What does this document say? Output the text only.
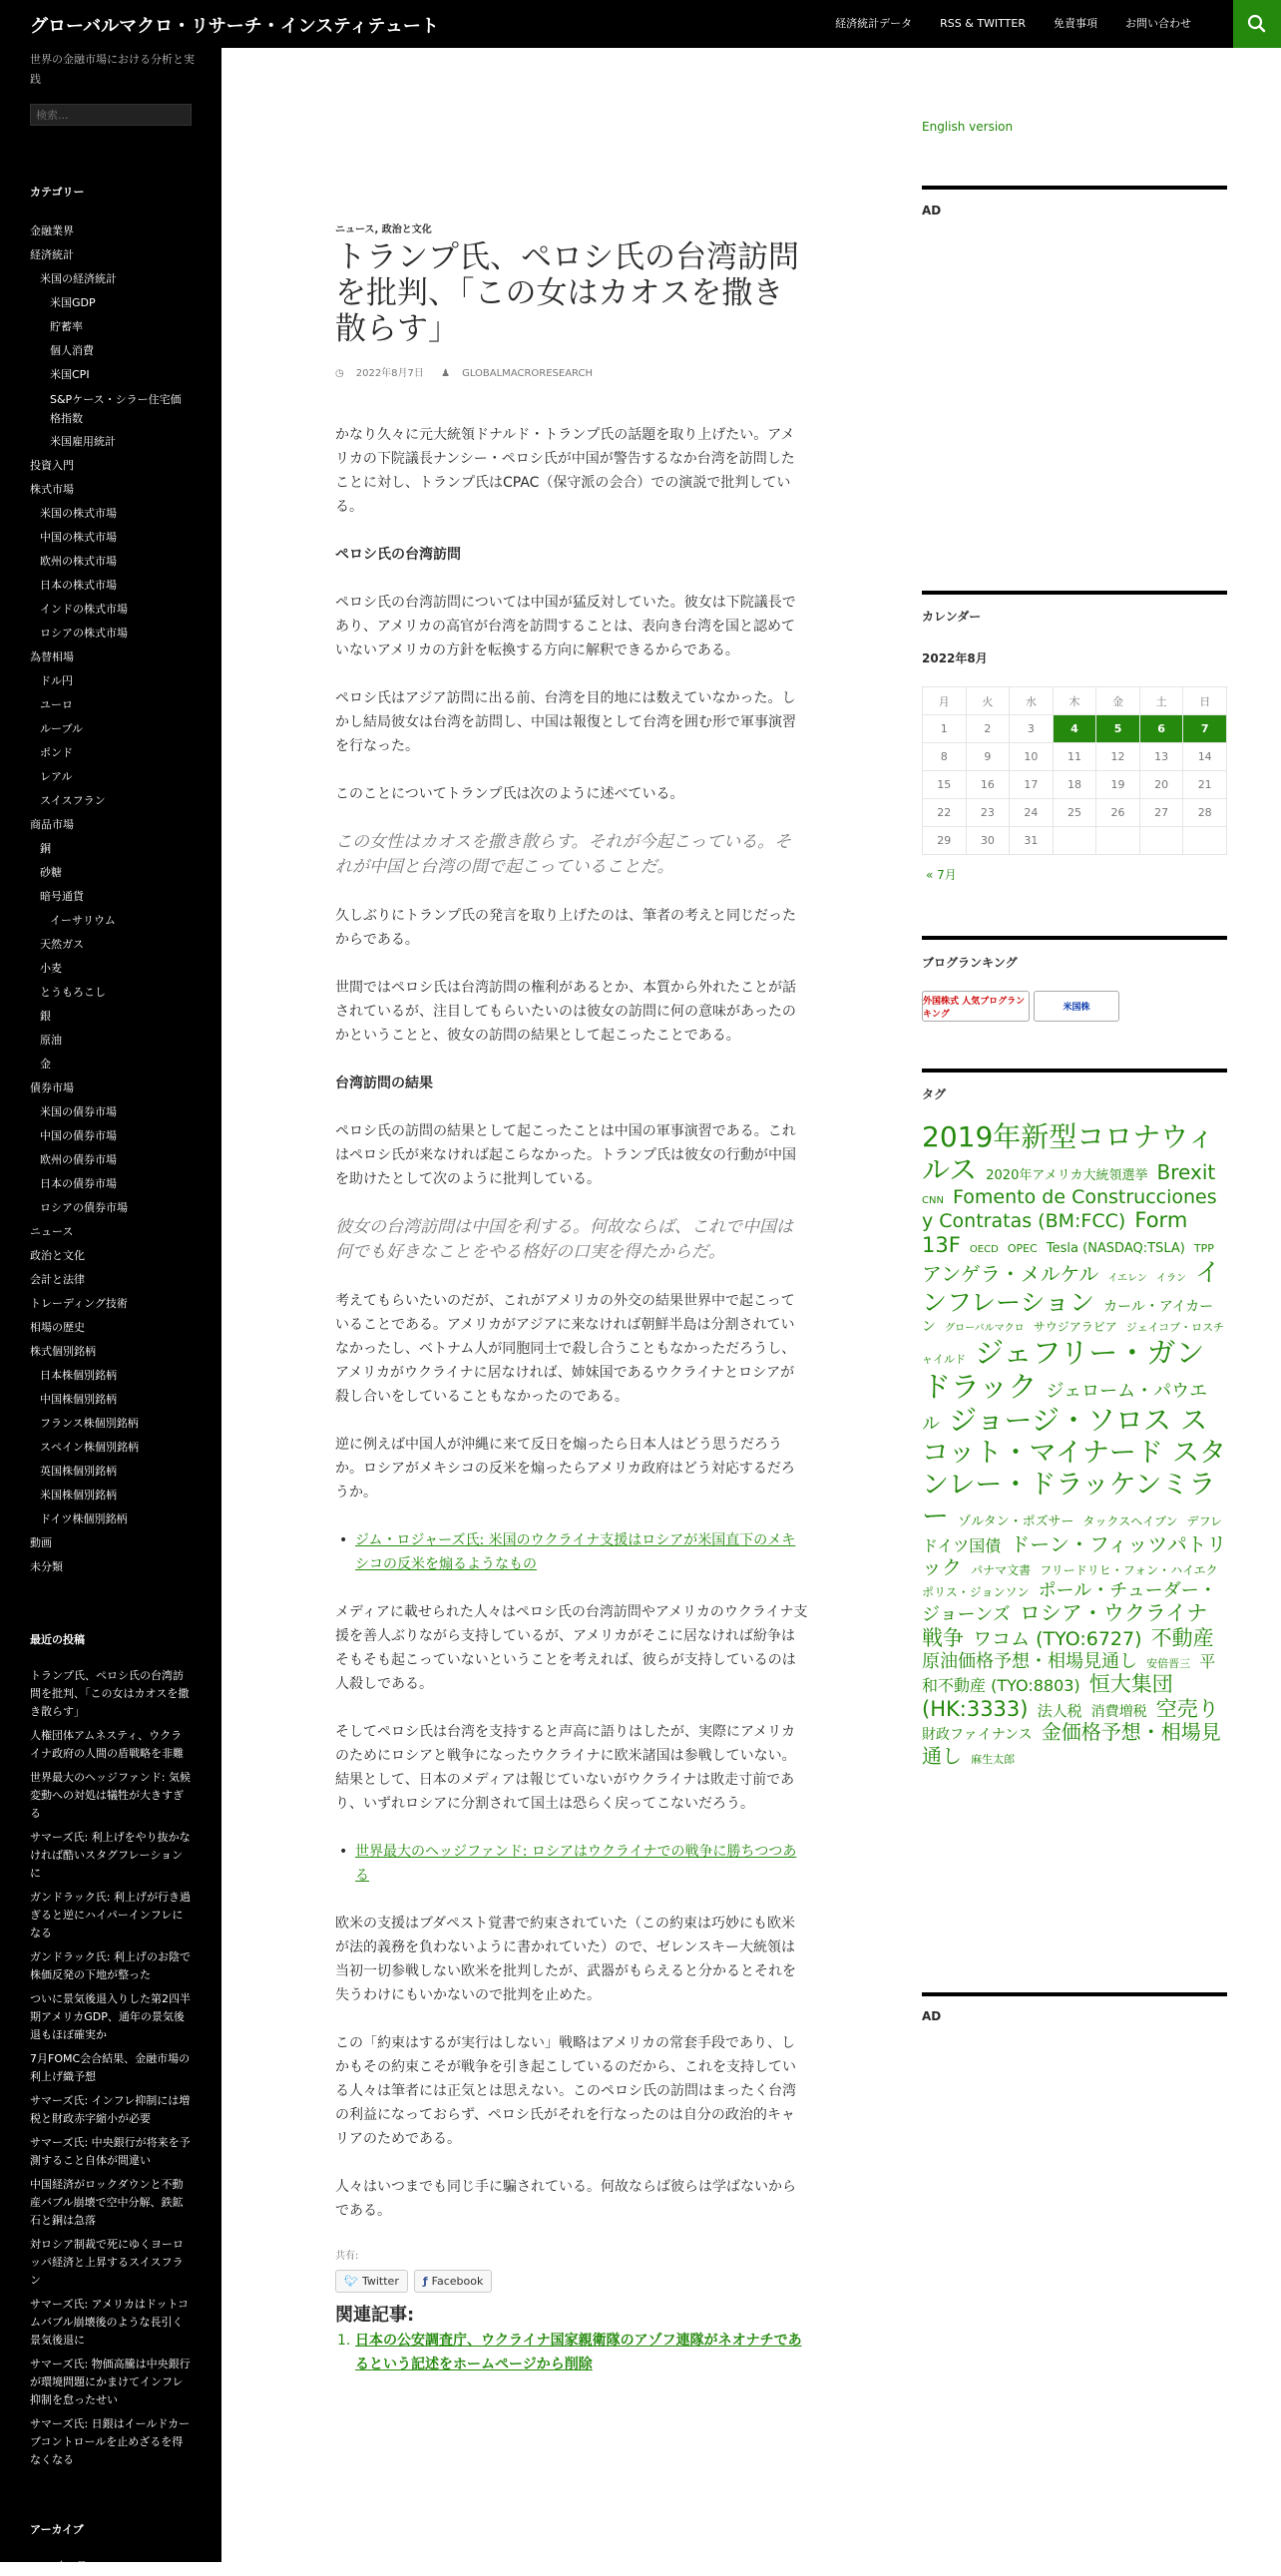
グローバルマクロ・リサーチ・インスティテュート	経済統計データ	RSS & TWITTER	免責事項	お問い合わせ
世界の金融市場における分析と実践
検索...
カテゴリー
金融業界
経済統計
米国の経済統計
米国GDP
貯蓄率
個人消費
米国CPI
S&Pケース・シラー住宅価格指数
米国雇用統計
投資入門
株式市場
米国の株式市場
中国の株式市場
欧州の株式市場
日本の株式市場
インドの株式市場
ロシアの株式市場
為替相場
ドル円
ユーロ
ルーブル
ポンド
レアル
スイスフラン
商品市場
銅
砂糖
暗号通貨
イーサリウム
天然ガス
小麦
とうもろこし
銀
原油
金
債券市場
米国の債券市場
中国の債券市場
欧州の債券市場
日本の債券市場
ロシアの債券市場
ニュース
政治と文化
会計と法律
トレーディング技術
相場の歴史
株式個別銘柄
日本株個別銘柄
中国株個別銘柄
フランス株個別銘柄
スペイン株個別銘柄
英国株個別銘柄
米国株個別銘柄
ドイツ株個別銘柄
動画
未分類
最近の投稿
トランプ氏、ペロシ氏の台湾訪問を批判、「この女はカオスを撒き散らす」
人権団体アムネスティ、ウクライナ政府の人間の盾戦略を非難
世界最大のヘッジファンド: 気候変動への対処は犠牲が大きすぎる
サマーズ氏: 利上げをやり抜かなければ酷いスタグフレーションに
ガンドラック氏: 利上げが行き過ぎると逆にハイパーインフレになる
ガンドラック氏: 利上げのお陰で株価反発の下地が整った
ついに景気後退入りした第2四半期アメリカGDP、通年の景気後退もほぼ確実か
7月FOMC会合結果、金融市場の利上げ織予想
サマーズ氏: インフレ抑制には増税と財政赤字縮小が必要
サマーズ氏: 中央銀行が将来を予測すること自体が間違い
中国経済がロックダウンと不動産バブル崩壊で空中分解、鉄鉱石と銅は急落
対ロシア制裁で死にゆくヨーロッパ経済と上昇するスイスフラン
サマーズ氏: アメリカはドットコムバブル崩壊後のような長引く景気後退に
サマーズ氏: 物価高騰は中央銀行が環境問題にかまけてインフレ抑制を怠ったせい
サマーズ氏: 日銀はイールドカーブコントロールを止めざるを得なくなる
アーカイブ
2022年8月
ニュース, 政治と文化
トランプ氏、ペロシ氏の台湾訪問を批判、「この女はカオスを撒き散らす」
◷ 2022年8月7日 ♟ GLOBALMACRORESEARCH
かなり久々に元大統領ドナルド・トランプ氏の話題を取り上げたい。アメリカの下院議長ナンシー・ペロシ氏が中国が警告するなか台湾を訪問したことに対し、トランプ氏はCPAC（保守派の会合）での演説で批判している。
ペロシ氏の台湾訪問
ペロシ氏の台湾訪問については中国が猛反対していた。彼女は下院議長であり、アメリカの高官が台湾を訪問することは、表向き台湾を国と認めていないアメリカの方針を転換する方向に解釈できるからである。
ペロシ氏はアジア訪問に出る前、台湾を目的地には数えていなかった。しかし結局彼女は台湾を訪問し、中国は報復として台湾を囲む形で軍事演習を行なった。
このことについてトランプ氏は次のように述べている。
この女性はカオスを撒き散らす。それが今起こっている。それが中国と台湾の間で起こっていることだ。
久しぶりにトランプ氏の発言を取り上げたのは、筆者の考えと同じだったからである。
世間ではペロシ氏は台湾訪問の権利があるとか、本質から外れたことが話されているが、注目してもらいたいのは彼女の訪問に何の意味があったのかということと、彼女の訪問の結果として起こったことである。
台湾訪問の結果
ペロシ氏の訪問の結果として起こったことは中国の軍事演習である。これはペロシ氏が来なければ起こらなかった。トランプ氏は彼女の行動が中国を助けたとして次のように批判している。
彼女の台湾訪問は中国を利する。何故ならば、これで中国は何でも好きなことをやる格好の口実を得たからだ。
考えてもらいたいのだが、これがアメリカの外交の結果世界中で起こっていることである。アメリカがアジアに来なければ朝鮮半島は分割されていなかったし、ベトナム人が同胞同士で殺し合うこともなかっただろうし、アメリカがウクライナに居なければ、姉妹国であるウクライナとロシアが殺し合いをしていることもなかったのである。
逆に例えば中国人が沖縄に来て反日を煽ったら日本人はどう思うだろうか。ロシアがメキシコの反米を煽ったらアメリカ政府はどう対応するだろうか。
• ジム・ロジャーズ氏: 米国のウクライナ支援はロシアが米国直下のメキシコの反米を煽るようなもの
メディアに載せられた人々はペロシ氏の台湾訪問やアメリカのウクライナ支援を善人ぶりながら支持しているが、アメリカがそこに居なければ紛争はそもそも起こっていないということを考えれば、彼らが支持しているのは人殺しである。
そしてペロシ氏は台湾を支持すると声高に語りはしたが、実際にアメリカのためにロシアと戦争になったウクライナに欧米諸国は参戦していない。結果として、日本のメディアは報じていないがウクライナは敗走寸前であり、いずれロシアに分割されて国土は恐らく戻ってこないだろう。
• 世界最大のヘッジファンド: ロシアはウクライナでの戦争に勝ちつつある
欧米の支援はブダペスト覚書で約束されていた（この約束は巧妙にも欧米が法的義務を負わないように書かれていた）ので、ゼレンスキー大統領は当初一切参戦しない欧米を批判したが、武器がもらえると分かるとそれを失うわけにもいかないので批判を止めた。
この「約束はするが実行はしない」戦略はアメリカの常套手段であり、しかもその約束こそが戦争を引き起こしているのだから、これを支持している人々は筆者には正気とは思えない。このペロシ氏の訪問はまったく台湾の利益になっておらず、ペロシ氏がそれを行なったのは自分の政治的キャリアのためである。
人々はいつまでも同じ手に騙されている。何故ならば彼らは学ばないからである。
共有:
🐦︎ Twitter ƒ Facebook
関連記事:
1. 日本の公安調査庁、ウクライナ国家親衛隊のアゾフ連隊がネオナチであるという記述をホームページから削除
English version
AD
カレンダー
2022年8月
月	火	水	木	金	土	日
1	2	3	4	5	6	7
8	9	10	11	12	13	14
15	16	17	18	19	20	21
22	23	24	25	26	27	28
29	30	31				
« 7月
ブログランキング
外国株式 人気ブログランキング
米国株
タグ
2019年新型コロナウィルス 2020年アメリカ大統領選挙 Brexit CNN Fomento de Construcciones y Contratas (BM:FCC) Form 13F OECD OPEC Tesla (NASDAQ:TSLA) TPP アンゲラ・メルケル イエレン イラン インフレーション カール・アイカーン グローバルマクロ サウジアラビア ジェイコブ・ロスチャイルド ジェフリー・ガンドラック ジェローム・パウエル ジョージ・ソロス スコット・マイナード スタンレー・ドラッケンミラー ゾルタン・ポズサー タックスヘイブン デフレ ドイツ国債 ドーン・フィッツパトリック パナマ文書 フリードリヒ・フォン・ハイエク ポリス・ジョンソン ポール・チューダー・ジョーンズ ロシア・ウクライナ戦争 ワコム (TYO:6727) 不動産 原油価格予想・相場見通し 安倍晋三 平和不動産 (TYO:8803) 恒大集団 (HK:3333) 法人税 消費増税 空売り 財政ファイナンス 金価格予想・相場見通し 麻生太郎
AD
